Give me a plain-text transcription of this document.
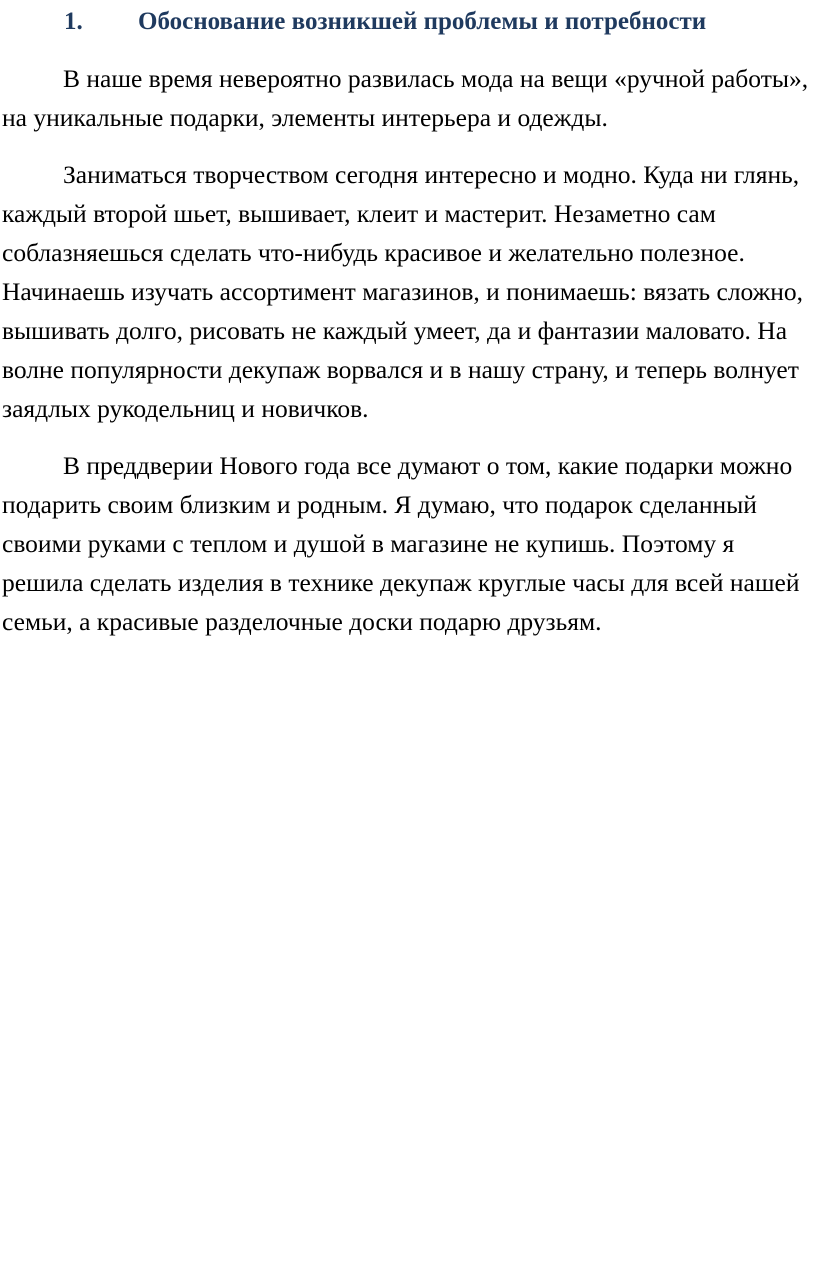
1.	Обоснование возникшей проблемы и потребности

В наше время невероятно развилась мода на вещи «ручной работы», на уникальные подарки, элементы интерьера и одежды.

Заниматься творчеством сегодня интересно и модно. Куда ни глянь, каждый второй шьет, вышивает, клеит и мастерит. Незаметно сам соблазняешься сделать что-нибудь красивое и желательно полезное. Начинаешь изучать ассортимент магазинов, и понимаешь: вязать сложно, вышивать долго, рисовать не каждый умеет, да и фантазии маловато. На волне популярности декупаж ворвался и в нашу страну, и теперь волнует заядлых рукодельниц и новичков.

В преддверии Нового года все думают о том, какие подарки можно подарить своим близким и родным. Я думаю, что подарок сделанный своими руками с теплом и душой в магазине не купишь. Поэтому я решила сделать изделия в технике декупаж круглые часы для всей нашей семьи, а красивые разделочные доски подарю друзьям.
